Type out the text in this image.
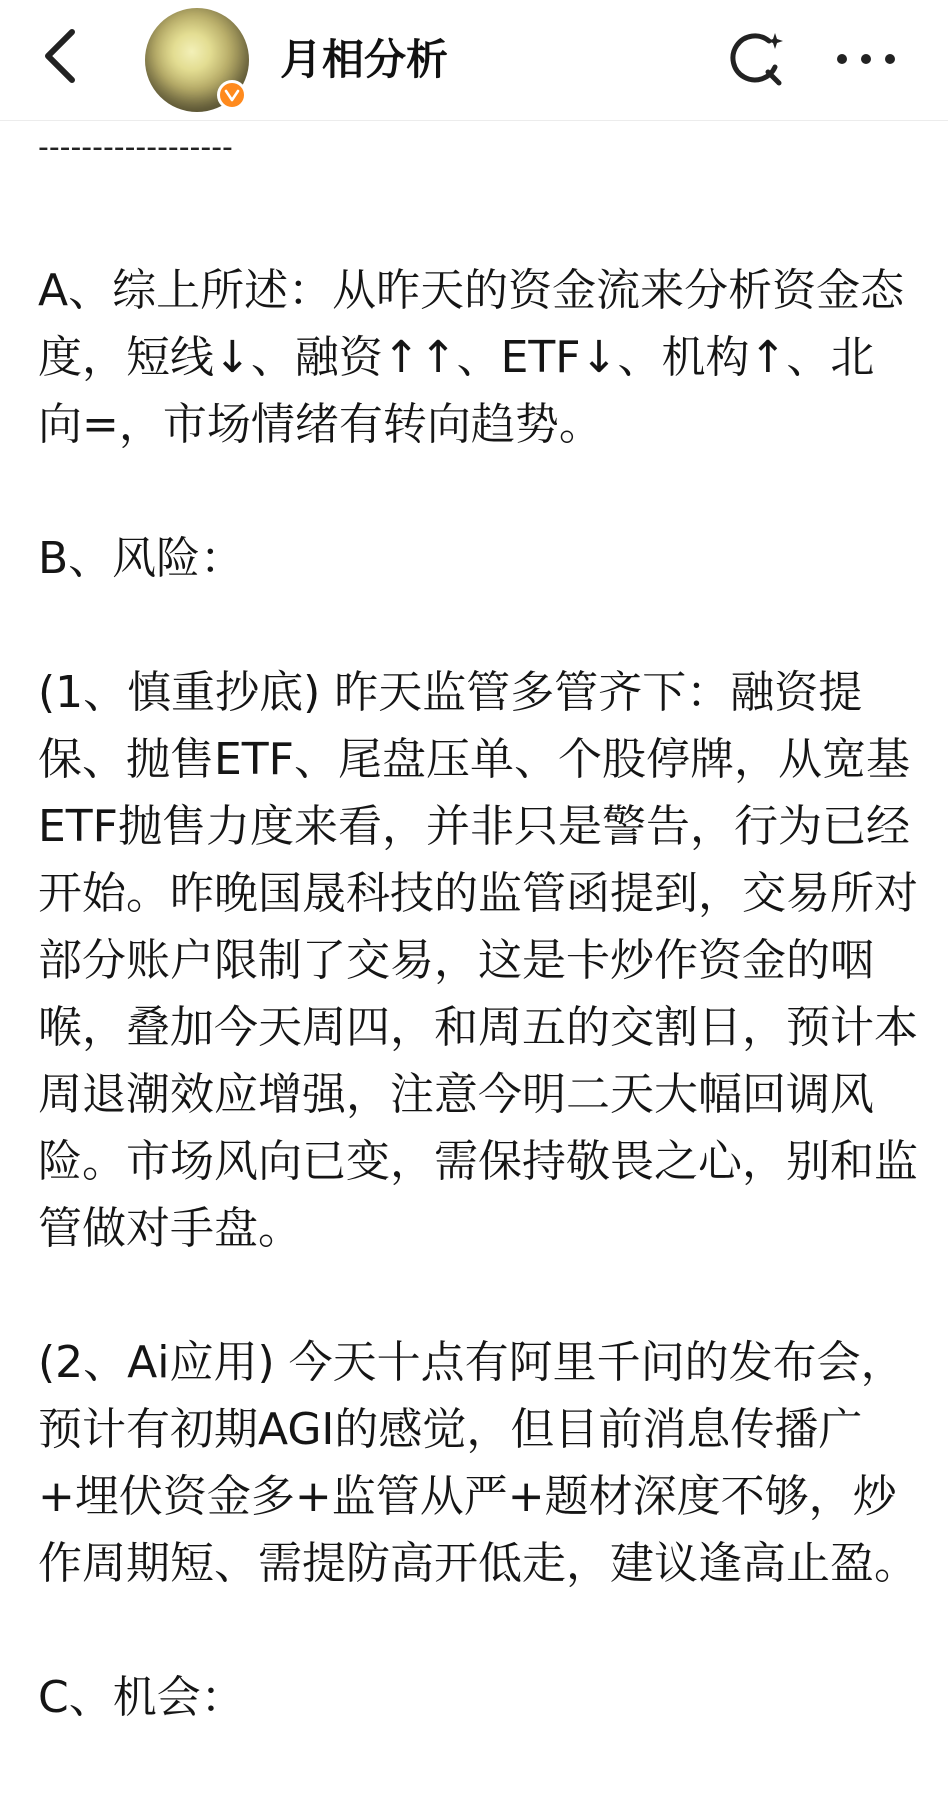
月相分析
------------------

A、综上所述：从昨天的资金流来分析资金态度，短线↓、融资↑↑、ETF↓、机构↑、北向=，市场情绪有转向趋势。

B、风险：

(1、慎重抄底) 昨天监管多管齐下：融资提保、抛售ETF、尾盘压单、个股停牌，从宽基ETF抛售力度来看，并非只是警告，行为已经开始。昨晚国晟科技的监管函提到，交易所对部分账户限制了交易，这是卡炒作资金的咽喉，叠加今天周四，和周五的交割日，预计本周退潮效应增强，注意今明二天大幅回调风险。市场风向已变，需保持敬畏之心，别和监管做对手盘。

(2、Ai应用) 今天十点有阿里千问的发布会，预计有初期AGI的感觉，但目前消息传播广+埋伏资金多+监管从严+题材深度不够，炒作周期短、需提防高开低走，建议逢高止盈。

C、机会：
